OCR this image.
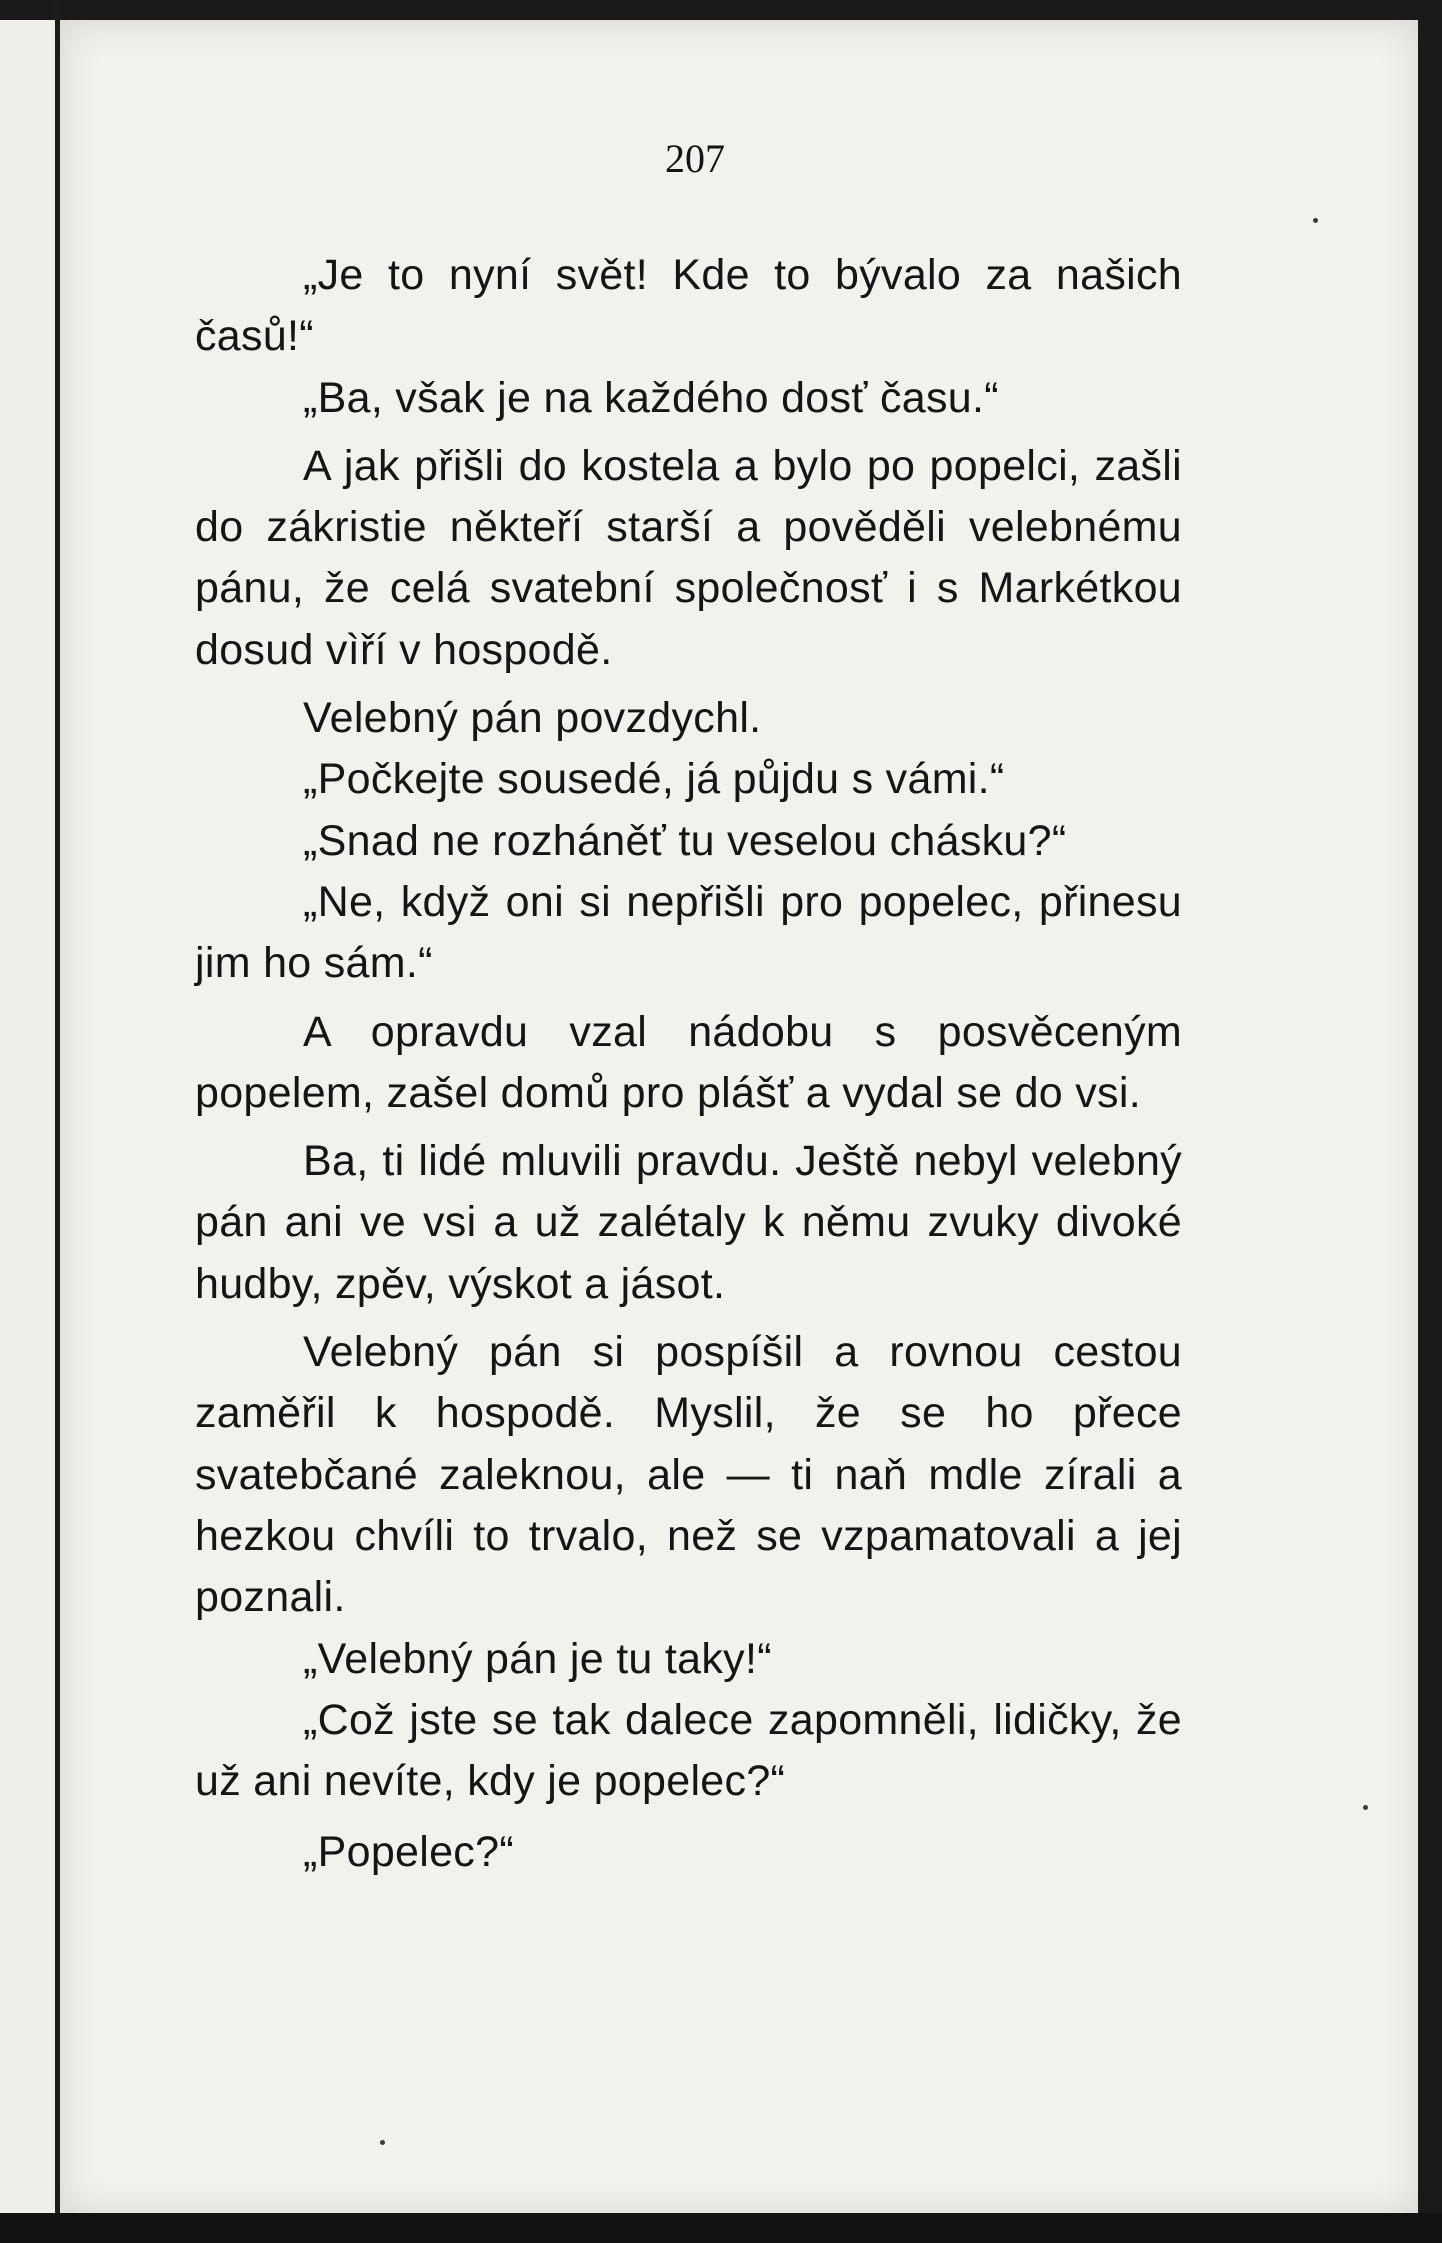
207

„Je to nyní svět! Kde to bývalo za našich časů!“

„Ba, však je na každého dosť času.“

A jak přišli do kostela a bylo po popelci, zašli do zákristie někteří starší a pověděli velebnému pánu, že celá svatební společnosť i s Markétkou dosud vìří v hospodě.

Velebný pán povzdychl.

„Počkejte sousedé, já půjdu s vámi.“

„Snad ne rozháněť tu veselou chásku?“

„Ne, když oni si nepřišli pro popelec, přinesu jim ho sám.“

A opravdu vzal nádobu s posvěceným popelem, zašel domů pro plášť a vydal se do vsi.

Ba, ti lidé mluvili pravdu. Ještě nebyl velebný pán ani ve vsi a už zalétaly k němu zvuky divoké hudby, zpěv, výskot a jásot.

Velebný pán si pospíšil a rovnou cestou zaměřil k hospodě. Myslil, že se ho přece svatebčané zaleknou, ale — ti naň mdle zírali a hezkou chvíli to trvalo, než se vzpamatovali a jej poznali.

„Velebný pán je tu taky!“

„Což jste se tak dalece zapomněli, lidičky, že už ani nevíte, kdy je popelec?“

„Popelec?“
